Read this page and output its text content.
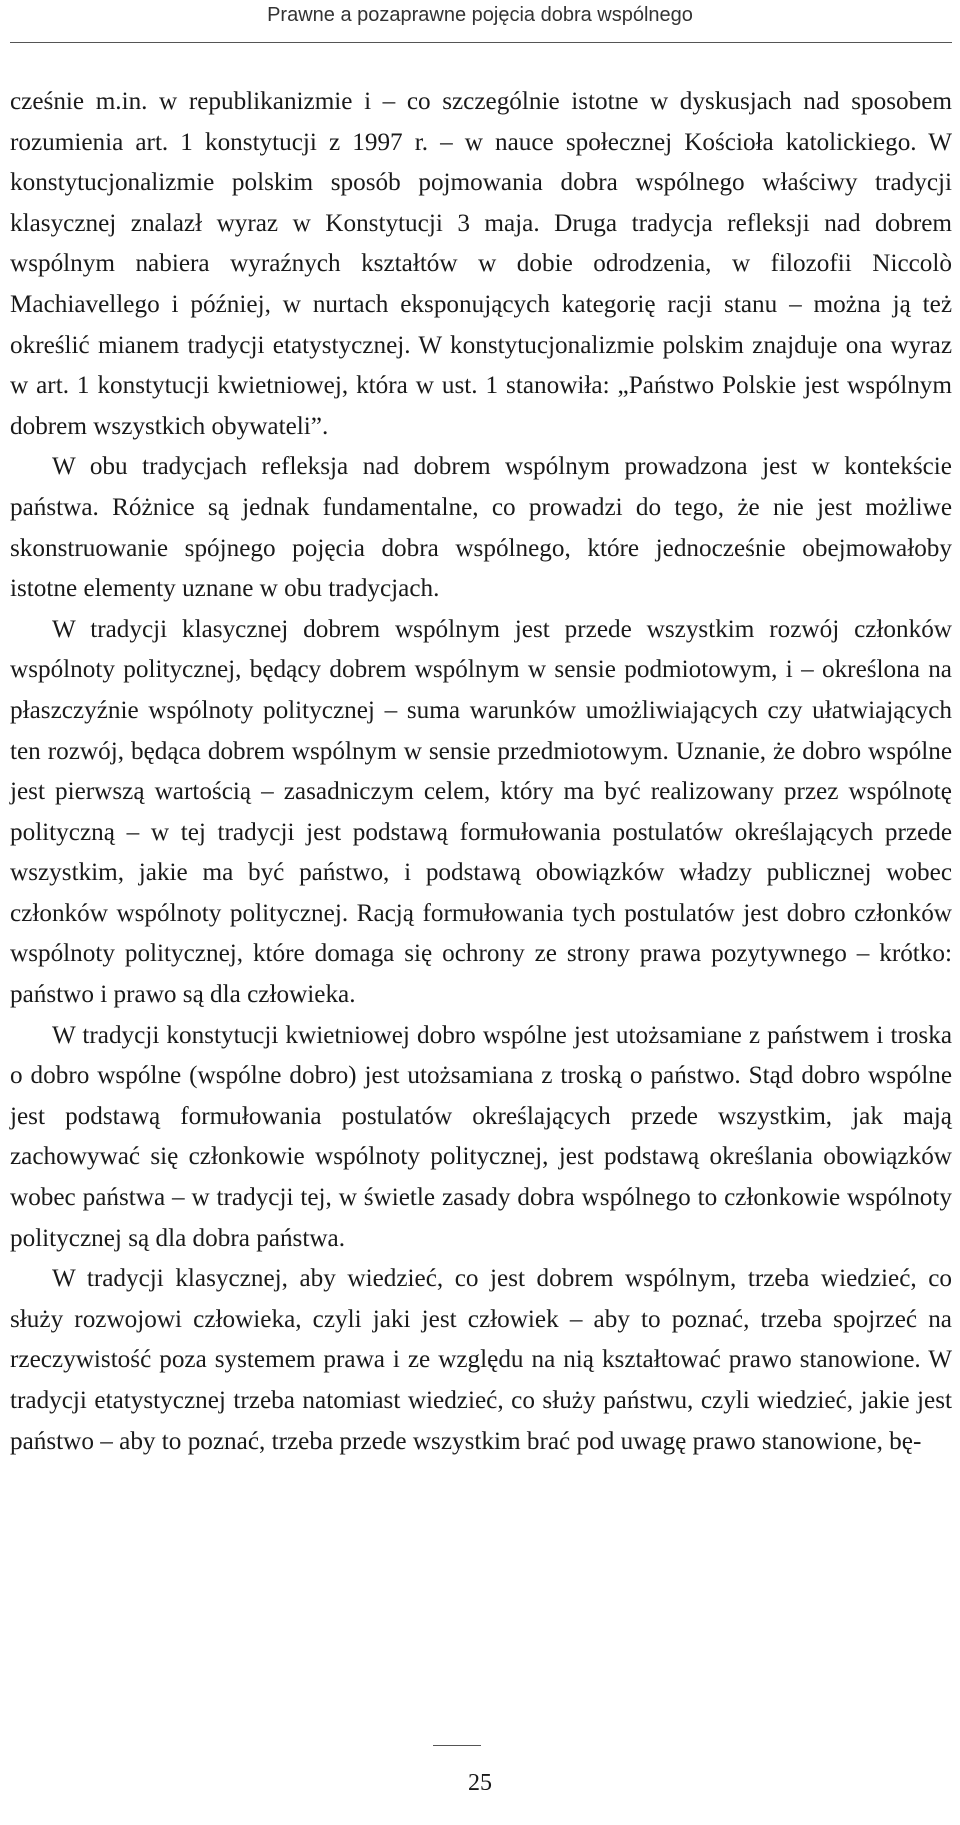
Prawne a pozaprawne pojęcia dobra wspólnego

cześnie m.in. w republikanizmie i – co szczególnie istotne w dyskusjach nad sposobem rozumienia art. 1 konstytucji z 1997 r. – w nauce społecznej Kościoła katolickiego. W konstytucjonalizmie polskim sposób pojmowania dobra wspólnego właściwy tradycji klasycznej znalazł wyraz w Konstytucji 3 maja. Druga tradycja refleksji nad dobrem wspólnym nabiera wyraźnych kształtów w dobie odrodzenia, w filozofii Niccolò Machiavellego i później, w nurtach eksponujących kategorię racji stanu – można ją też określić mianem tradycji etatystycznej. W konstytucjonalizmie polskim znajduje ona wyraz w art. 1 konstytucji kwietniowej, która w ust. 1 stanowiła: „Państwo Polskie jest wspólnym dobrem wszystkich obywateli”.

W obu tradycjach refleksja nad dobrem wspólnym prowadzona jest w kontekście państwa. Różnice są jednak fundamentalne, co prowadzi do tego, że nie jest możliwe skonstruowanie spójnego pojęcia dobra wspólnego, które jednocześnie obejmowałoby istotne elementy uznane w obu tradycjach.

W tradycji klasycznej dobrem wspólnym jest przede wszystkim rozwój członków wspólnoty politycznej, będący dobrem wspólnym w sensie podmiotowym, i – określona na płaszczyźnie wspólnoty politycznej – suma warunków umożliwiających czy ułatwiających ten rozwój, będąca dobrem wspólnym w sensie przedmiotowym. Uznanie, że dobro wspólne jest pierwszą wartością – zasadniczym celem, który ma być realizowany przez wspólnotę polityczną – w tej tradycji jest podstawą formułowania postulatów określających przede wszystkim, jakie ma być państwo, i podstawą obowiązków władzy publicznej wobec członków wspólnoty politycznej. Racją formułowania tych postulatów jest dobro członków wspólnoty politycznej, które domaga się ochrony ze strony prawa pozytywnego – krótko: państwo i prawo są dla człowieka.

W tradycji konstytucji kwietniowej dobro wspólne jest utożsamiane z państwem i troska o dobro wspólne (wspólne dobro) jest utożsamiana z troską o państwo. Stąd dobro wspólne jest podstawą formułowania postulatów określających przede wszystkim, jak mają zachowywać się członkowie wspólnoty politycznej, jest podstawą określania obowiązków wobec państwa – w tradycji tej, w świetle zasady dobra wspólnego to członkowie wspólnoty politycznej są dla dobra państwa.

W tradycji klasycznej, aby wiedzieć, co jest dobrem wspólnym, trzeba wiedzieć, co służy rozwojowi człowieka, czyli jaki jest człowiek – aby to poznać, trzeba spojrzeć na rzeczywistość poza systemem prawa i ze względu na nią kształtować prawo stanowione. W tradycji etatystycznej trzeba natomiast wiedzieć, co służy państwu, czyli wiedzieć, jakie jest państwo – aby to poznać, trzeba przede wszystkim brać pod uwagę prawo stanowione, bę-

25
